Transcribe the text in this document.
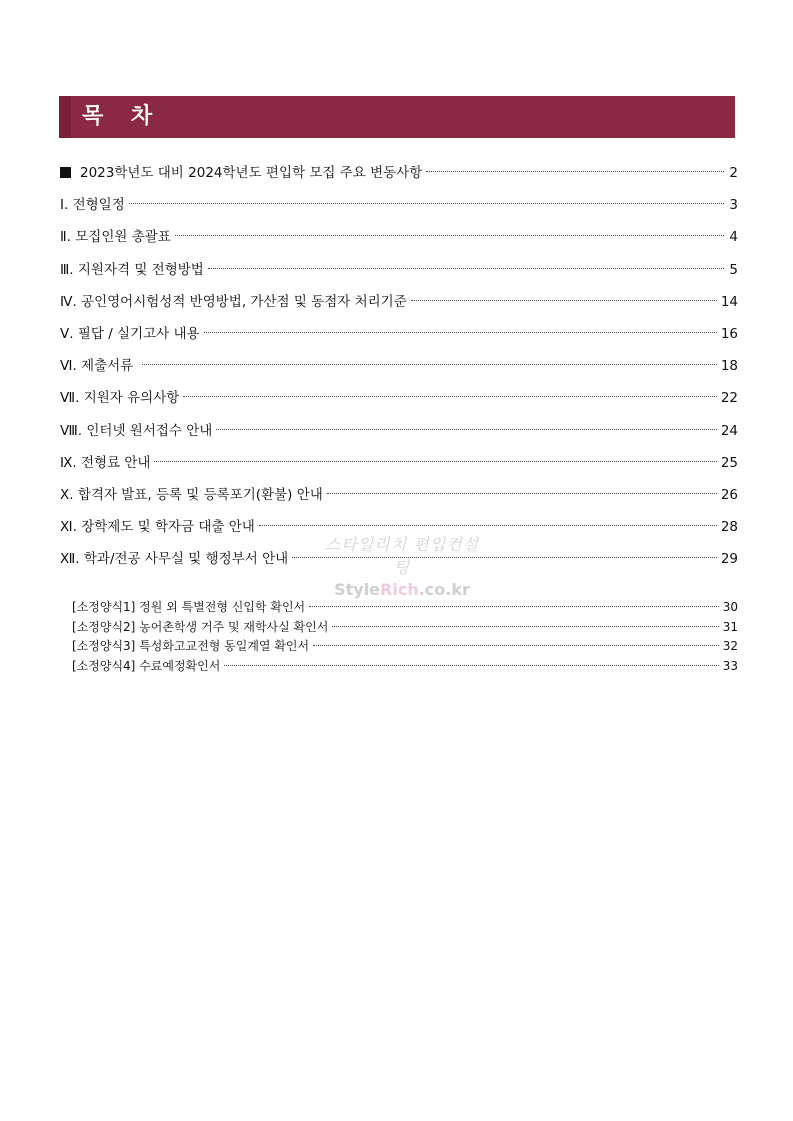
목 차
2023학년도 대비 2024학년도 편입학 모집 주요 변동사항	2
Ⅰ. 전형일정	3
Ⅱ. 모집인원 총괄표	4
Ⅲ. 지원자격 및 전형방법	5
Ⅳ. 공인영어시험성적 반영방법, 가산점 및 동점자 처리기준	14
Ⅴ. 필답 / 실기고사 내용	16
Ⅵ. 제출서류	18
Ⅶ. 지원자 유의사항	22
Ⅷ. 인터넷 원서접수 안내	24
Ⅸ. 전형료 안내	25
Ⅹ. 합격자 발표, 등록 및 등록포기(환불) 안내	26
Ⅺ. 장학제도 및 학자금 대출 안내	28
Ⅻ. 학과/전공 사무실 및 행정부서 안내	29
[소정양식1] 정원 외 특별전형 신입학 확인서	30
[소정양식2] 농어촌학생 거주 및 재학사실 확인서	31
[소정양식3] 특성화고교전형 동일계열 확인서	32
[소정양식4] 수료예정확인서	33
스타일리치 편입컨설팅
StyleRich.co.kr
